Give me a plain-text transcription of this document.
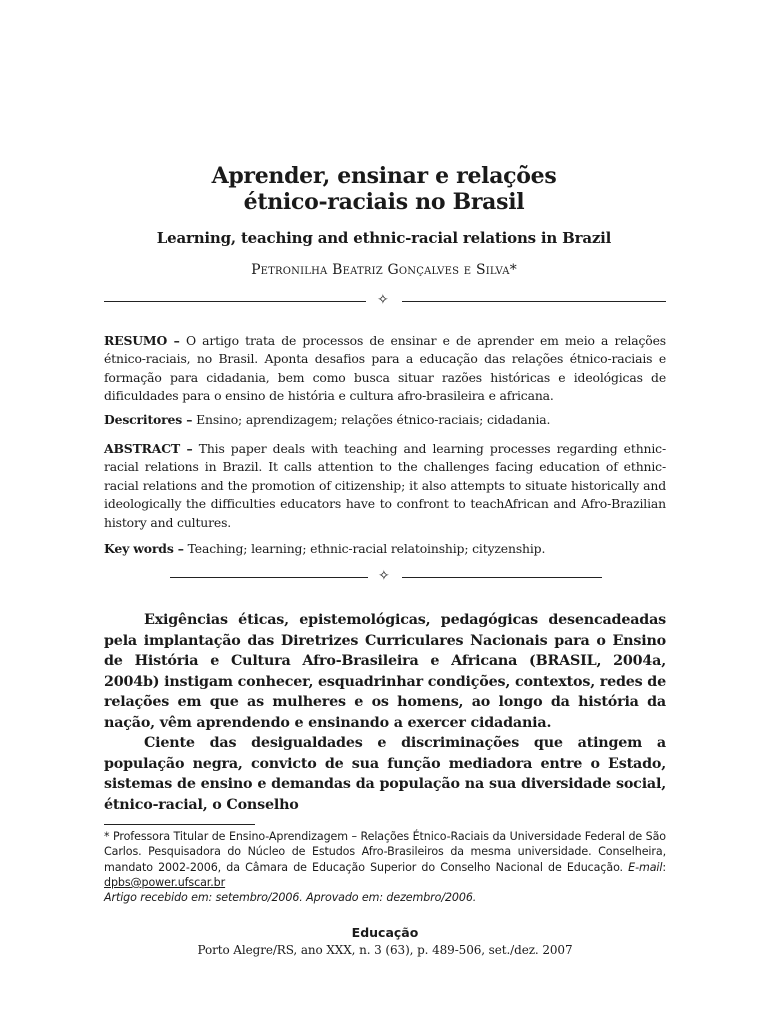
Aprender, ensinar e relações
étnico-raciais no Brasil
Learning, teaching and ethnic-racial relations in Brazil
Petronilha Beatriz Gonçalves e Silva*
✧
RESUMO – O artigo trata de processos de ensinar e de aprender em meio a relações étnico-raciais, no Brasil. Aponta desafios para a educação das relações étnico-raciais e formação para cidadania, bem como busca situar razões históricas e ideológicas de dificuldades para o ensino de história e cultura afro-brasileira e africana.
Descritores – Ensino; aprendizagem; relações étnico-raciais; cidadania.
ABSTRACT – This paper deals with teaching and learning processes regarding ethnic-racial relations in Brazil. It calls attention to the challenges facing education of ethnic-racial relations and the promotion of citizenship; it also attempts to situate historically and ideologically the difficulties educators have to confront to teachAfrican and Afro-Brazilian history and cultures.
Key words – Teaching; learning; ethnic-racial relatoinship; cityzenship.
✧

Exigências éticas, epistemológicas, pedagógicas desencadeadas pela implantação das Diretrizes Curriculares Nacionais para o Ensino de História e Cultura Afro-Brasileira e Africana (BRASIL, 2004a, 2004b) instigam conhecer, esquadrinhar condições, contextos, redes de relações em que as mulheres e os homens, ao longo da história da nação, vêm aprendendo e ensinando a exercer cidadania.

Ciente das desigualdades e discriminações que atingem a população negra, convicto de sua função mediadora entre o Estado, sistemas de ensino e demandas da população na sua diversidade social, étnico-racial, o Conselho

* Professora Titular de Ensino-Aprendizagem – Relações Étnico-Raciais da Universidade Federal de São Carlos. Pesquisadora do Núcleo de Estudos Afro-Brasileiros da mesma universidade. Conselheira, mandato 2002-2006, da Câmara de Educação Superior do Conselho Nacional de Educação. E-mail: dpbs@power.ufscar.br

Artigo recebido em: setembro/2006. Aprovado em: dezembro/2006.

Educação
Porto Alegre/RS, ano XXX, n. 3 (63), p. 489-506, set./dez. 2007
